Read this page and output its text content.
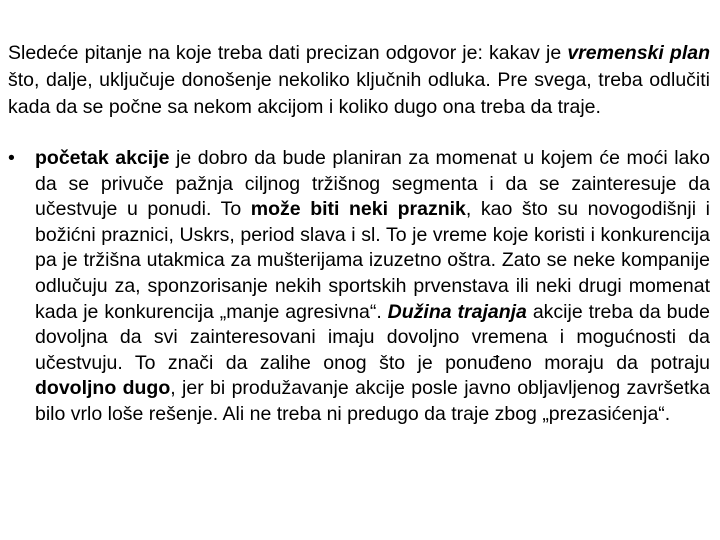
Sledeće pitanje na koje treba dati precizan odgovor je: kakav je vremenski plan što, dalje, uključuje donošenje nekoliko ključnih odluka. Pre svega, treba odlučiti kada da se počne sa nekom akcijom i koliko dugo ona treba da traje.

• početak akcije je dobro da bude planiran za momenat u kojem će moći lako da se privuče pažnja ciljnog tržišnog segmenta i da se zainteresuje da učestvuje u ponudi. To može biti neki praznik, kao što su novogodišnji i božićni praznici, Uskrs, period slava i sl. To je vreme koje koristi i konkurencija pa je tržišna utakmica za mušterijama izuzetno oštra. Zato se neke kompanije odlučuju za, sponzorisanje nekih sportskih prvenstava ili neki drugi momenat kada je konkurencija „manje agresivna“. Dužina trajanja akcije treba da bude dovoljna da svi zainteresovani imaju dovoljno vremena i mogućnosti da učestvuju. To znači da zalihe onog što je ponuđeno moraju da potraju dovoljno dugo, jer bi produžavanje akcije posle javno obljavljenog završetka bilo vrlo loše rešenje. Ali ne treba ni predugo da traje zbog „prezasićenja“.
